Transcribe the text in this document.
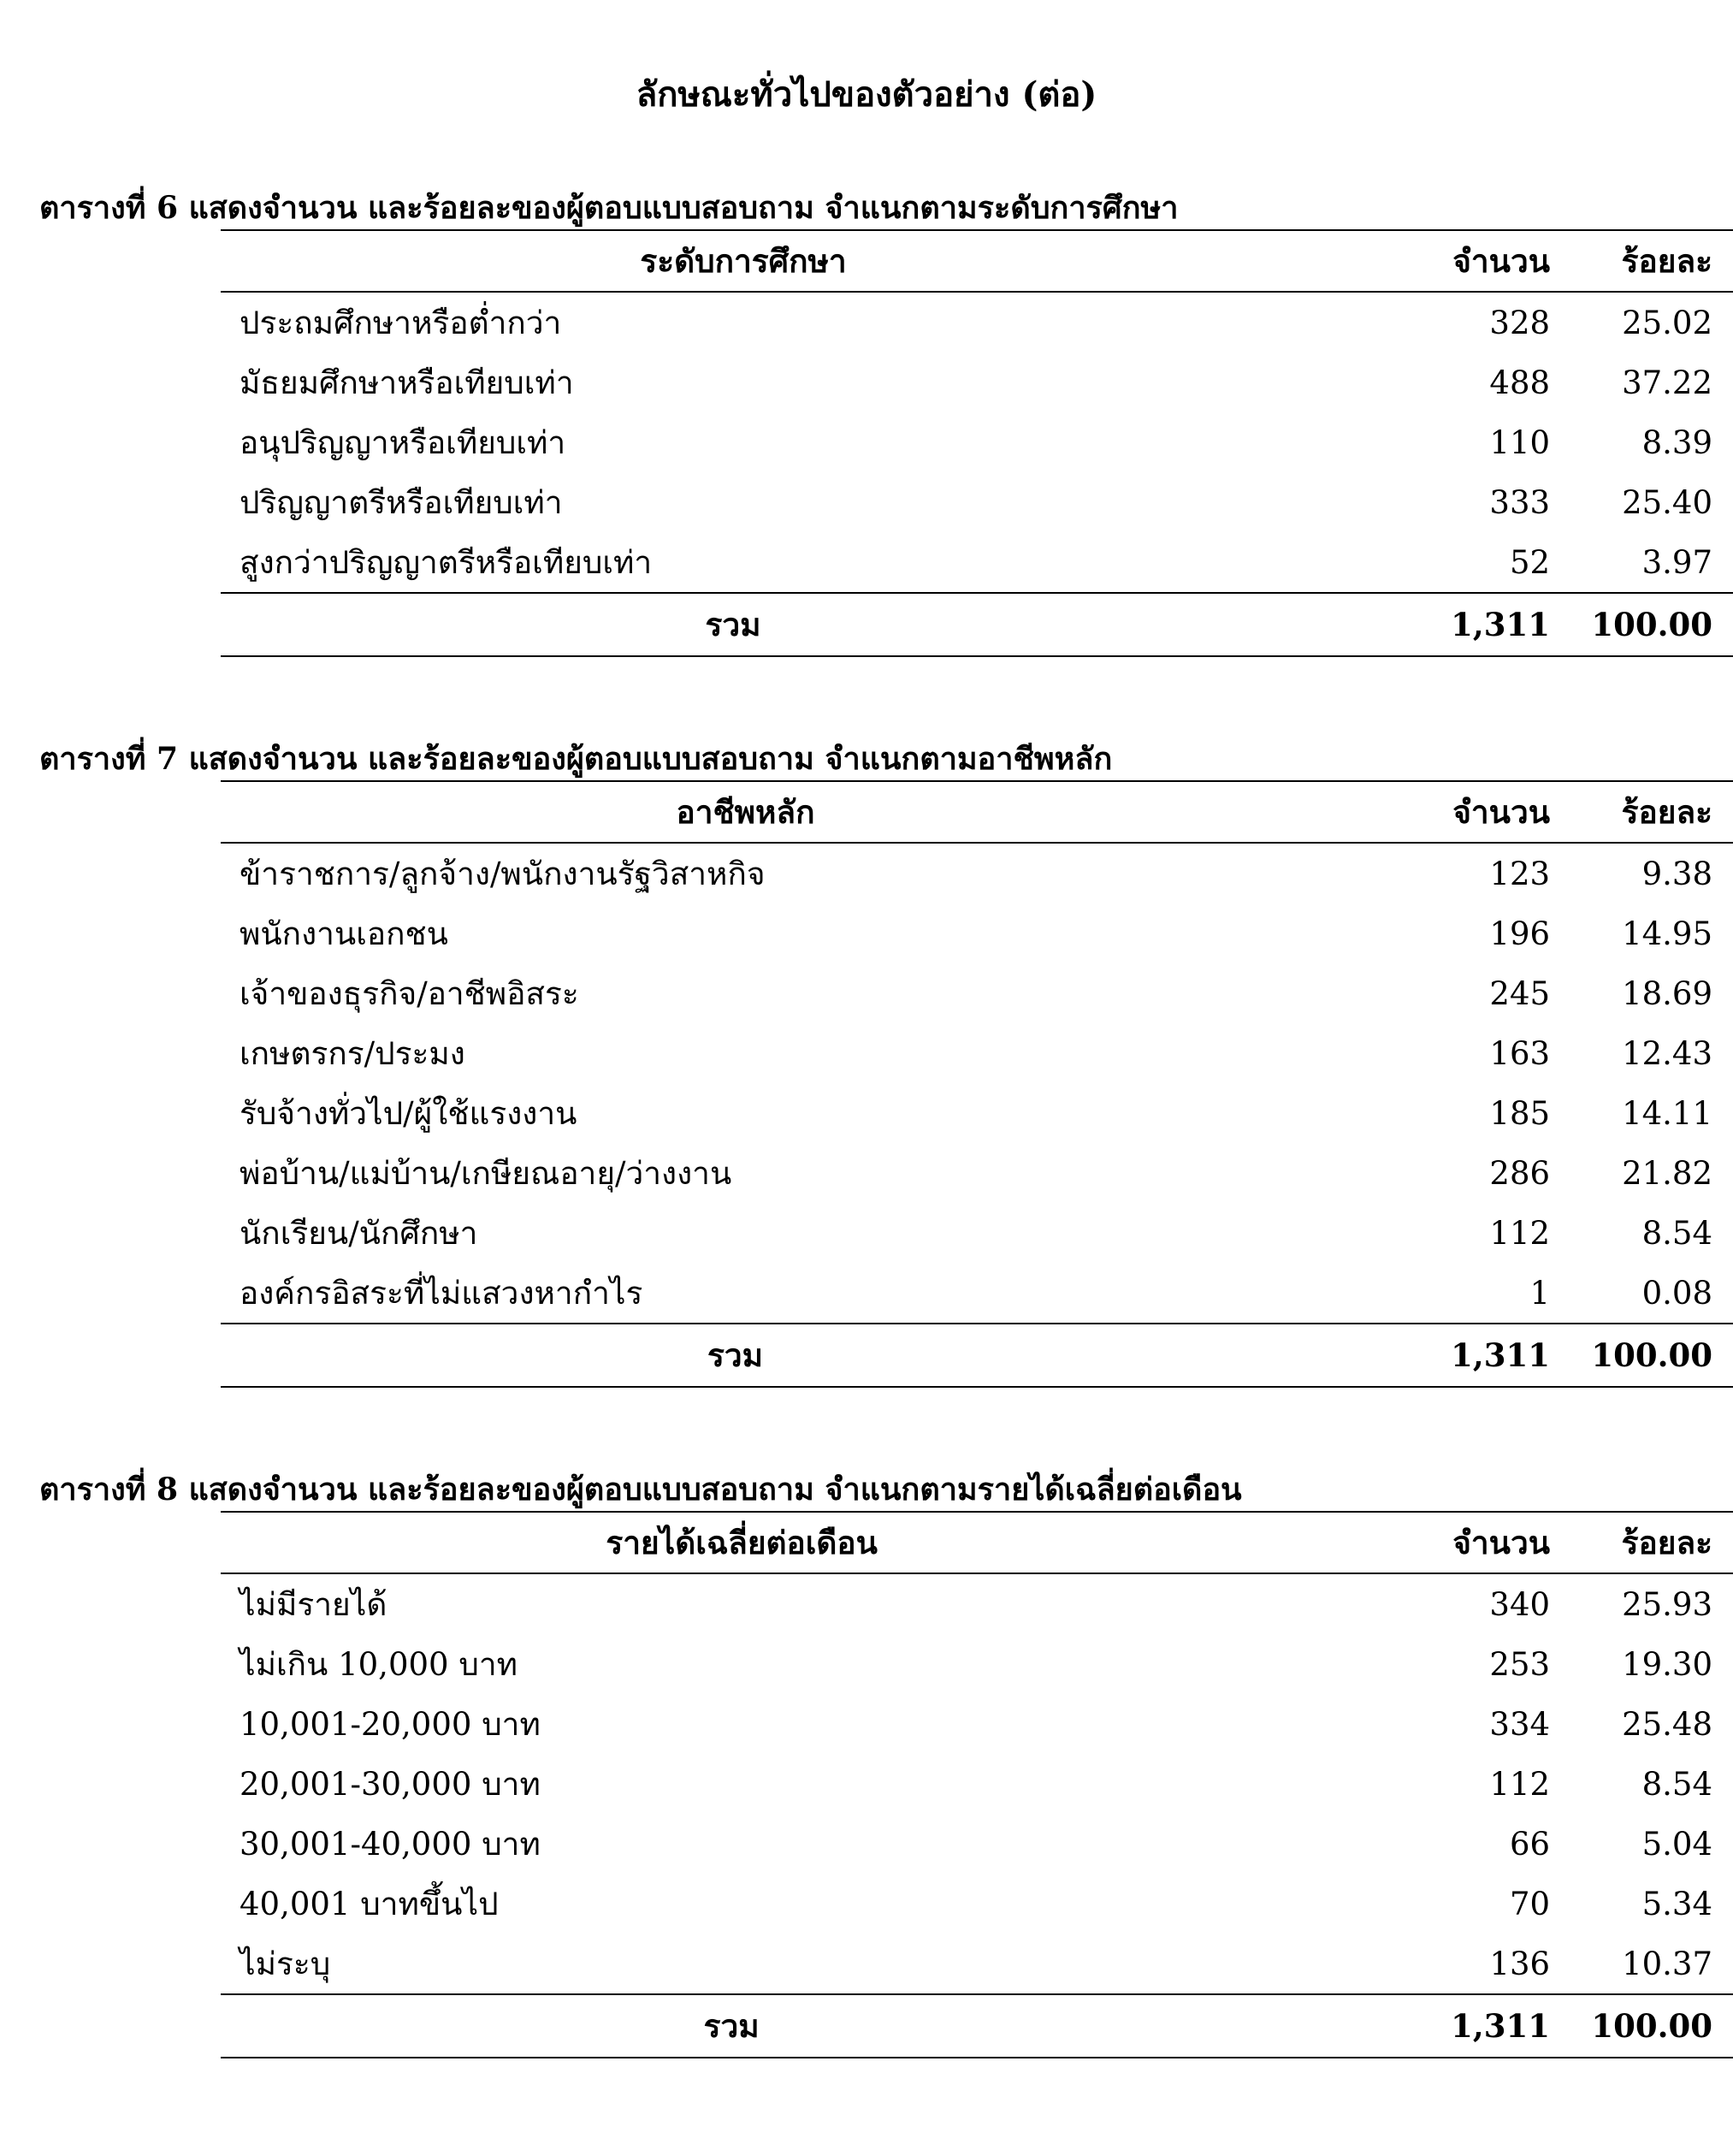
ลักษณะทั่วไปของตัวอย่าง (ต่อ)

ตารางที่ 6 แสดงจำนวน และร้อยละของผู้ตอบแบบสอบถาม จำแนกตามระดับการศึกษา

ระดับการศึกษา	จำนวน	ร้อยละ
ประถมศึกษาหรือต่ำกว่า	328	25.02
มัธยมศึกษาหรือเทียบเท่า	488	37.22
อนุปริญญาหรือเทียบเท่า	110	8.39
ปริญญาตรีหรือเทียบเท่า	333	25.40
สูงกว่าปริญญาตรีหรือเทียบเท่า	52	3.97
รวม	1,311	100.00

ตารางที่ 7 แสดงจำนวน และร้อยละของผู้ตอบแบบสอบถาม จำแนกตามอาชีพหลัก

อาชีพหลัก	จำนวน	ร้อยละ
ข้าราชการ/ลูกจ้าง/พนักงานรัฐวิสาหกิจ	123	9.38
พนักงานเอกชน	196	14.95
เจ้าของธุรกิจ/อาชีพอิสระ	245	18.69
เกษตรกร/ประมง	163	12.43
รับจ้างทั่วไป/ผู้ใช้แรงงาน	185	14.11
พ่อบ้าน/แม่บ้าน/เกษียณอายุ/ว่างงาน	286	21.82
นักเรียน/นักศึกษา	112	8.54
องค์กรอิสระที่ไม่แสวงหากำไร	1	0.08
รวม	1,311	100.00

ตารางที่ 8 แสดงจำนวน และร้อยละของผู้ตอบแบบสอบถาม จำแนกตามรายได้เฉลี่ยต่อเดือน

รายได้เฉลี่ยต่อเดือน	จำนวน	ร้อยละ
ไม่มีรายได้	340	25.93
ไม่เกิน 10,000 บาท	253	19.30
10,001-20,000 บาท	334	25.48
20,001-30,000 บาท	112	8.54
30,001-40,000 บาท	66	5.04
40,001 บาทขึ้นไป	70	5.34
ไม่ระบุ	136	10.37
รวม	1,311	100.00
